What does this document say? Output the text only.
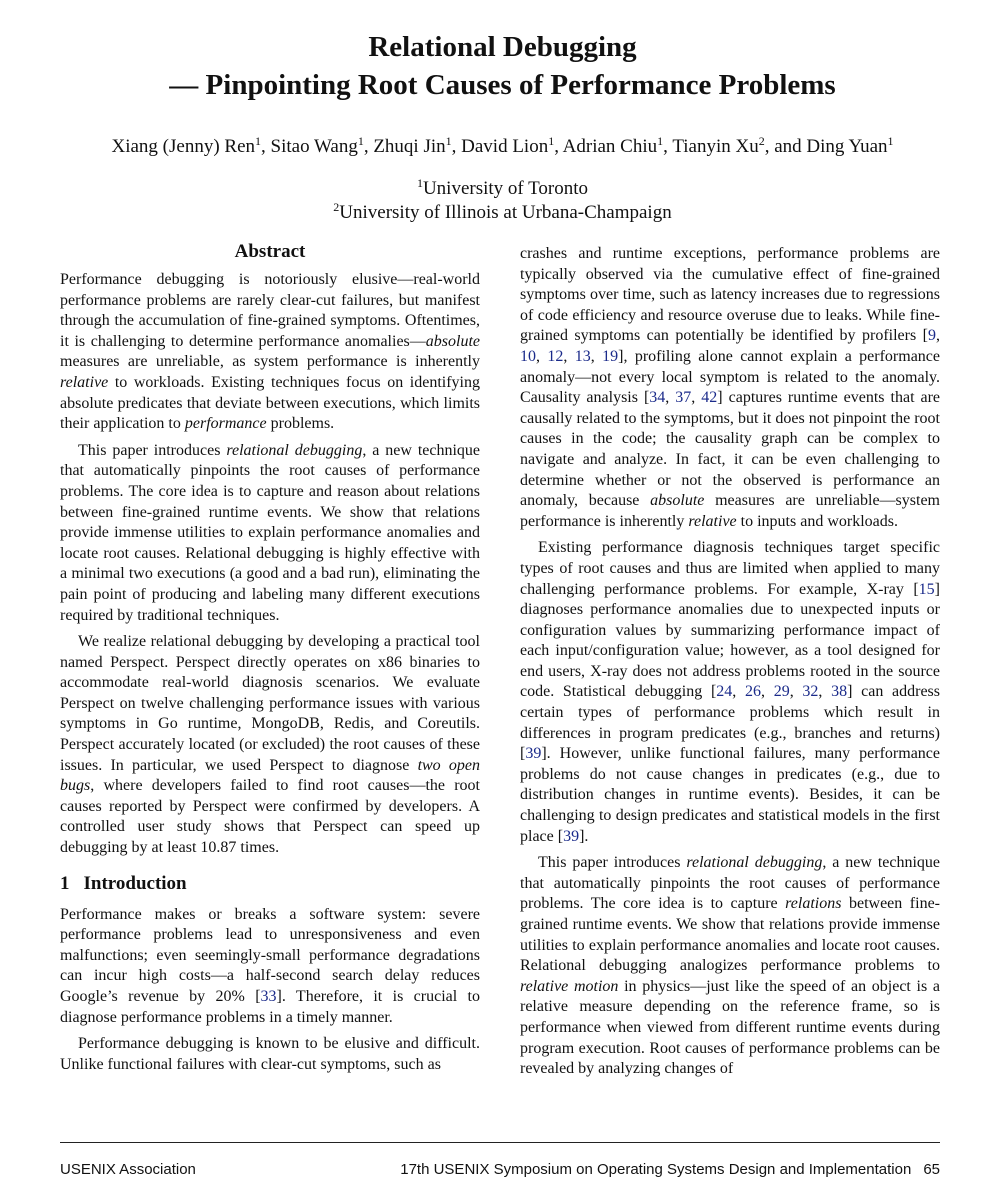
Relational Debugging
— Pinpointing Root Causes of Performance Problems
Xiang (Jenny) Ren$^1$, Sitao Wang$^1$, Zhuqi Jin$^1$, David Lion$^1$, Adrian Chiu$^1$, Tianyin Xu$^2$, and Ding Yuan$^1$
$^1$University of Toronto
$^2$University of Illinois at Urbana-Champaign
Abstract

Performance debugging is notoriously elusive—real-world performance problems are rarely clear-cut failures, but manifest through the accumulation of fine-grained symptoms. Oftentimes, it is challenging to determine performance anomalies—absolute measures are unreliable, as system performance is inherently relative to workloads. Existing techniques focus on identifying absolute predicates that deviate between executions, which limits their application to performance problems.

This paper introduces relational debugging, a new technique that automatically pinpoints the root causes of performance problems. The core idea is to capture and reason about relations between fine-grained runtime events. We show that relations provide immense utilities to explain performance anomalies and locate root causes. Relational debugging is highly effective with a minimal two executions (a good and a bad run), eliminating the pain point of producing and labeling many different executions required by traditional techniques.

We realize relational debugging by developing a practical tool named Perspect. Perspect directly operates on x86 binaries to accommodate real-world diagnosis scenarios. We evaluate Perspect on twelve challenging performance issues with various symptoms in Go runtime, MongoDB, Redis, and Coreutils. Perspect accurately located (or excluded) the root causes of these issues. In particular, we used Perspect to diagnose two open bugs, where developers failed to find root causes—the root causes reported by Perspect were confirmed by developers. A controlled user study shows that Perspect can speed up debugging by at least 10.87 times.

1 Introduction

Performance makes or breaks a software system: severe performance problems lead to unresponsiveness and even malfunctions; even seemingly-small performance degradations can incur high costs—a half-second search delay reduces Google’s revenue by 20% [33]. Therefore, it is crucial to diagnose performance problems in a timely manner.

Performance debugging is known to be elusive and difficult. Unlike functional failures with clear-cut symptoms, such as

crashes and runtime exceptions, performance problems are typically observed via the cumulative effect of fine-grained symptoms over time, such as latency increases due to regressions of code efficiency and resource overuse due to leaks. While fine-grained symptoms can potentially be identified by profilers [9, 10, 12, 13, 19], profiling alone cannot explain a performance anomaly—not every local symptom is related to the anomaly. Causality analysis [34, 37, 42] captures runtime events that are causally related to the symptoms, but it does not pinpoint the root causes in the code; the causality graph can be complex to navigate and analyze. In fact, it can be even challenging to determine whether or not the observed is performance an anomaly, because absolute measures are unreliable—system performance is inherently relative to inputs and workloads.

Existing performance diagnosis techniques target specific types of root causes and thus are limited when applied to many challenging performance problems. For example, X-ray [15] diagnoses performance anomalies due to unexpected inputs or configuration values by summarizing performance impact of each input/configuration value; however, as a tool designed for end users, X-ray does not address problems rooted in the source code. Statistical debugging [24, 26, 29, 32, 38] can address certain types of performance problems which result in differences in program predicates (e.g., branches and returns) [39]. However, unlike functional failures, many performance problems do not cause changes in predicates (e.g., due to distribution changes in runtime events). Besides, it can be challenging to design predicates and statistical models in the first place [39].

This paper introduces relational debugging, a new technique that automatically pinpoints the root causes of performance problems. The core idea is to capture relations between fine-grained runtime events. We show that relations provide immense utilities to explain performance anomalies and locate root causes. Relational debugging analogizes performance problems to relative motion in physics—just like the speed of an object is a relative measure depending on the reference frame, so is performance when viewed from different runtime events during program execution. Root causes of performance problems can be revealed by analyzing changes of

USENIX Association	17th USENIX Symposium on Operating Systems Design and Implementation 65
